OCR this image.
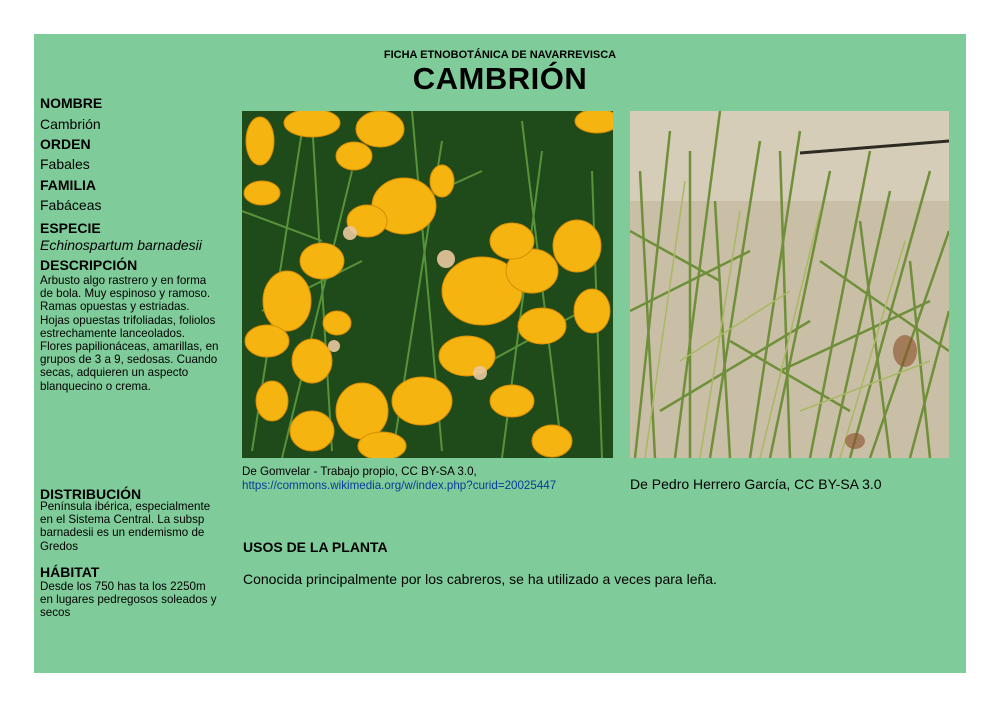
FICHA ETNOBOTÁNICA DE NAVARREVISCA
CAMBRIÓN
NOMBRE
Cambrión
ORDEN
Fabales
FAMILIA
Fabáceas
ESPECIE
Echinospartum barnadesii
DESCRIPCIÓN
Arbusto algo rastrero y en forma
de bola. Muy espinoso y ramoso.
Ramas opuestas y estriadas.
Hojas opuestas trifoliadas, foliolos
estrechamente lanceolados.
Flores papilionáceas, amarillas, en
grupos de 3 a 9, sedosas. Cuando
secas, adquieren un aspecto
blanquecino o crema.
DISTRIBUCIÓN
Península ibérica, especialmente
en el Sistema Central. La subsp
barnadesii es un endemismo de
Gredos
HÁBITAT
Desde los 750 has ta los 2250m
en lugares pedregosos soleados y
secos
De Gomvelar - Trabajo propio, CC BY-SA 3.0,
https://commons.wikimedia.org/w/index.php?curid=20025447	De Pedro Herrero García, CC BY-SA 3.0
USOS DE LA PLANTA
Conocida principalmente por los cabreros, se ha utilizado a veces para leña.
